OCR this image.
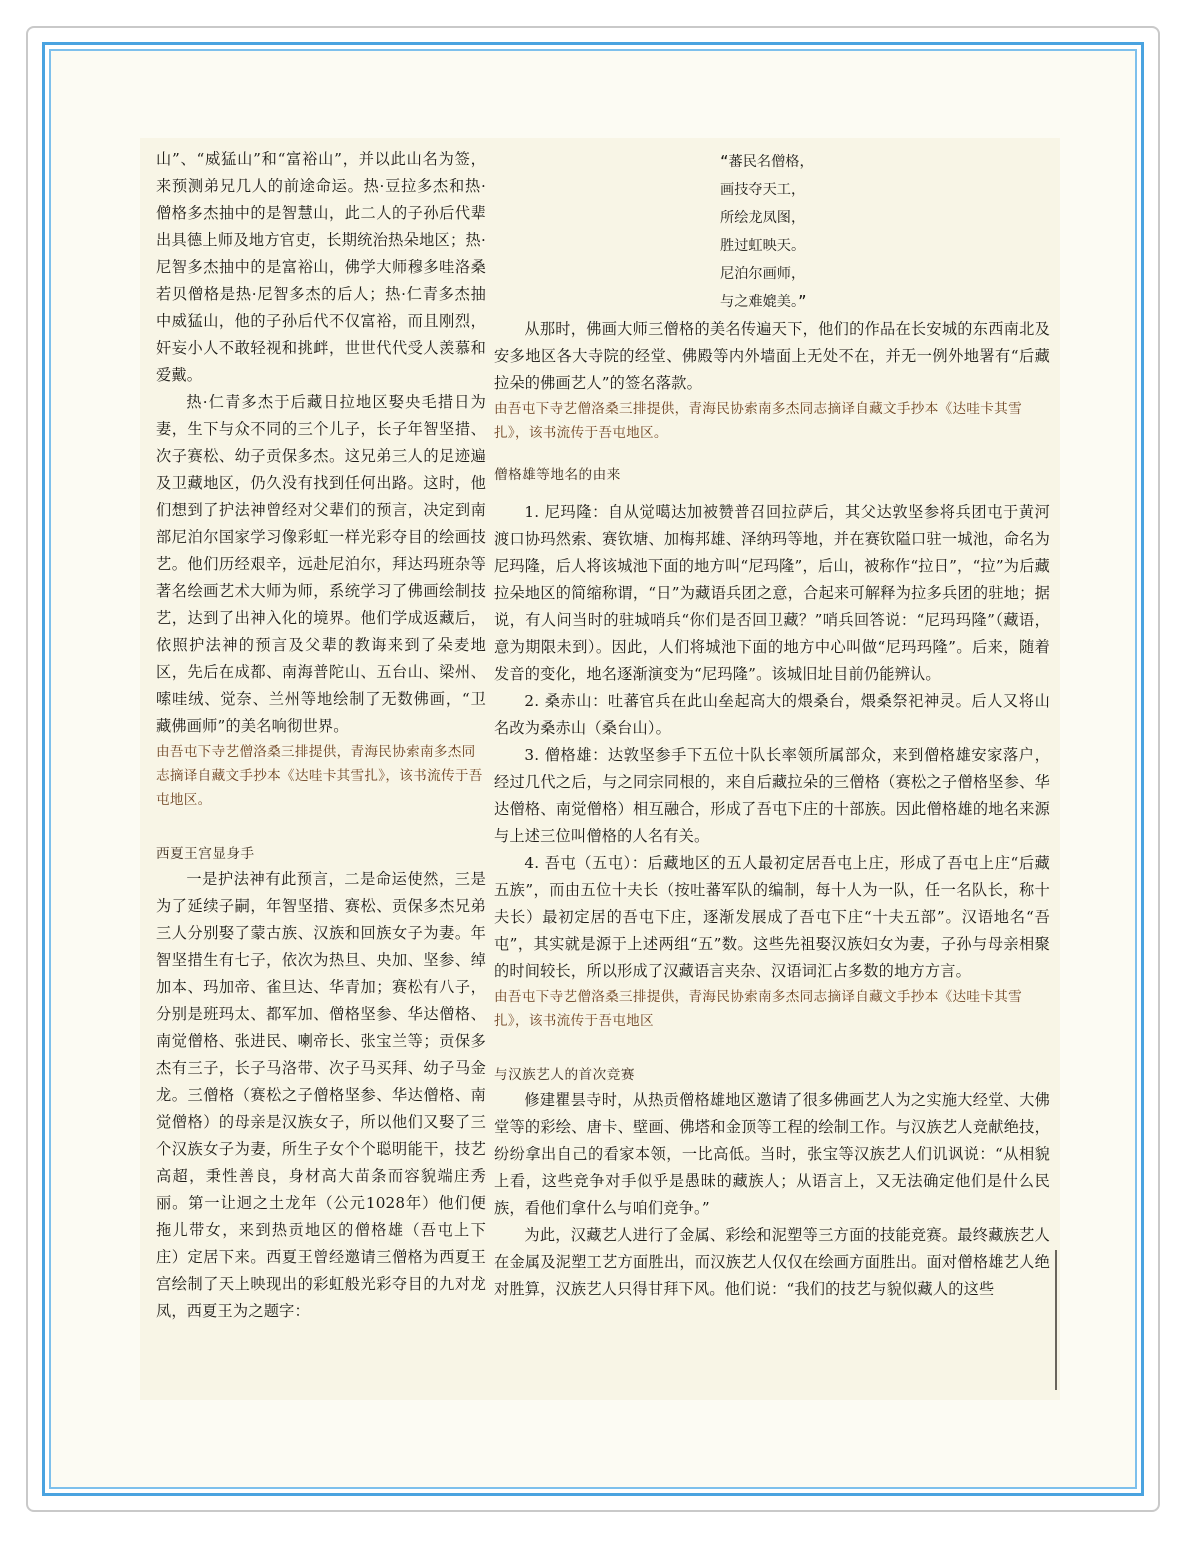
山”、“威猛山”和“富裕山”，并以此山名为签，来预测弟兄几人的前途命运。热·豆拉多杰和热·僧格多杰抽中的是智慧山，此二人的子孙后代辈出具德上师及地方官吏，长期统治热朵地区；热·尼智多杰抽中的是富裕山，佛学大师穆多哇洛桑若贝僧格是热·尼智多杰的后人；热·仁青多杰抽中威猛山，他的子孙后代不仅富裕，而且刚烈，奸妄小人不敢轻视和挑衅，世世代代受人羡慕和爱戴。

热·仁青多杰于后藏日拉地区娶央毛措日为妻，生下与众不同的三个儿子，长子年智坚措、次子赛松、幼子贡保多杰。这兄弟三人的足迹遍及卫藏地区，仍久没有找到任何出路。这时，他们想到了护法神曾经对父辈们的预言，决定到南部尼泊尔国家学习像彩虹一样光彩夺目的绘画技艺。他们历经艰辛，远赴尼泊尔，拜达玛班杂等著名绘画艺术大师为师，系统学习了佛画绘制技艺，达到了出神入化的境界。他们学成返藏后，依照护法神的预言及父辈的教诲来到了朵麦地区，先后在成都、南海普陀山、五台山、梁州、嗦哇绒、觉奈、兰州等地绘制了无数佛画，“卫藏佛画师”的美名响彻世界。

由吾屯下寺艺僧洛桑三排提供，青海民协索南多杰同志摘译自藏文手抄本《达哇卡其雪扎》，该书流传于吾屯地区。

西夏王宫显身手

一是护法神有此预言，二是命运使然，三是为了延续子嗣，年智坚措、赛松、贡保多杰兄弟三人分别娶了蒙古族、汉族和回族女子为妻。年智坚措生有七子，依次为热旦、央加、坚参、绰加本、玛加帝、雀旦达、华青加；赛松有八子，分别是班玛太、都军加、僧格坚参、华达僧格、南觉僧格、张进民、喇帝长、张宝兰等；贡保多杰有三子，长子马洛带、次子马买拜、幼子马金龙。三僧格（赛松之子僧格坚参、华达僧格、南觉僧格）的母亲是汉族女子，所以他们又娶了三个汉族女子为妻，所生子女个个聪明能干，技艺高超，秉性善良，身材高大苗条而容貌端庄秀丽。第一让迥之土龙年（公元1028年）他们便拖儿带女，来到热贡地区的僧格雄（吾屯上下庄）定居下来。西夏王曾经邀请三僧格为西夏王宫绘制了天上映现出的彩虹般光彩夺目的九对龙凤，西夏王为之题字：

“蕃民名僧格，

画技夺天工，

所绘龙凤图，

胜过虹映天。

尼泊尔画师，

与之难媲美。”

从那时，佛画大师三僧格的美名传遍天下，他们的作品在长安城的东西南北及安多地区各大寺院的经堂、佛殿等内外墙面上无处不在，并无一例外地署有“后藏拉朵的佛画艺人”的签名落款。

由吾屯下寺艺僧洛桑三排提供，青海民协索南多杰同志摘译自藏文手抄本《达哇卡其雪扎》，该书流传于吾屯地区。

僧格雄等地名的由来

1. 尼玛隆：自从觉噶达加被赞普召回拉萨后，其父达敦坚参将兵团屯于黄河渡口协玛然索、赛钦塘、加梅邦雄、泽纳玛等地，并在赛钦隘口驻一城池，命名为尼玛隆，后人将该城池下面的地方叫“尼玛隆”，后山，被称作“拉日”，“拉”为后藏拉朵地区的简缩称谓，“日”为藏语兵团之意，合起来可解释为拉多兵团的驻地；据说，有人问当时的驻城哨兵“你们是否回卫藏？”哨兵回答说：“尼玛玛隆”（藏语，意为期限未到）。因此，人们将城池下面的地方中心叫做“尼玛玛隆”。后来，随着发音的变化，地名逐渐演变为“尼玛隆”。该城旧址目前仍能辨认。

2. 桑赤山：吐蕃官兵在此山垒起高大的煨桑台，煨桑祭祀神灵。后人又将山名改为桑赤山（桑台山）。

3. 僧格雄：达敦坚参手下五位十队长率领所属部众，来到僧格雄安家落户，经过几代之后，与之同宗同根的，来自后藏拉朵的三僧格（赛松之子僧格坚参、华达僧格、南觉僧格）相互融合，形成了吾屯下庄的十部族。因此僧格雄的地名来源与上述三位叫僧格的人名有关。

4. 吾屯（五屯）：后藏地区的五人最初定居吾屯上庄，形成了吾屯上庄“后藏五族”，而由五位十夫长（按吐蕃军队的编制，每十人为一队，任一名队长，称十夫长）最初定居的吾屯下庄，逐渐发展成了吾屯下庄“十夫五部”。汉语地名“吾屯”，其实就是源于上述两组“五”数。这些先祖娶汉族妇女为妻，子孙与母亲相聚的时间较长，所以形成了汉藏语言夹杂、汉语词汇占多数的地方方言。

由吾屯下寺艺僧洛桑三排提供，青海民协索南多杰同志摘译自藏文手抄本《达哇卡其雪扎》，该书流传于吾屯地区

与汉族艺人的首次竞赛

修建瞿昙寺时，从热贡僧格雄地区邀请了很多佛画艺人为之实施大经堂、大佛堂等的彩绘、唐卡、壁画、佛塔和金顶等工程的绘制工作。与汉族艺人竞献绝技，纷纷拿出自己的看家本领，一比高低。当时，张宝等汉族艺人们讥讽说：“从相貌上看，这些竞争对手似乎是愚昧的藏族人；从语言上，又无法确定他们是什么民族，看他们拿什么与咱们竞争。”

为此，汉藏艺人进行了金属、彩绘和泥塑等三方面的技能竞赛。最终藏族艺人在金属及泥塑工艺方面胜出，而汉族艺人仅仅在绘画方面胜出。面对僧格雄艺人绝对胜算，汉族艺人只得甘拜下风。他们说：“我们的技艺与貌似藏人的这些
